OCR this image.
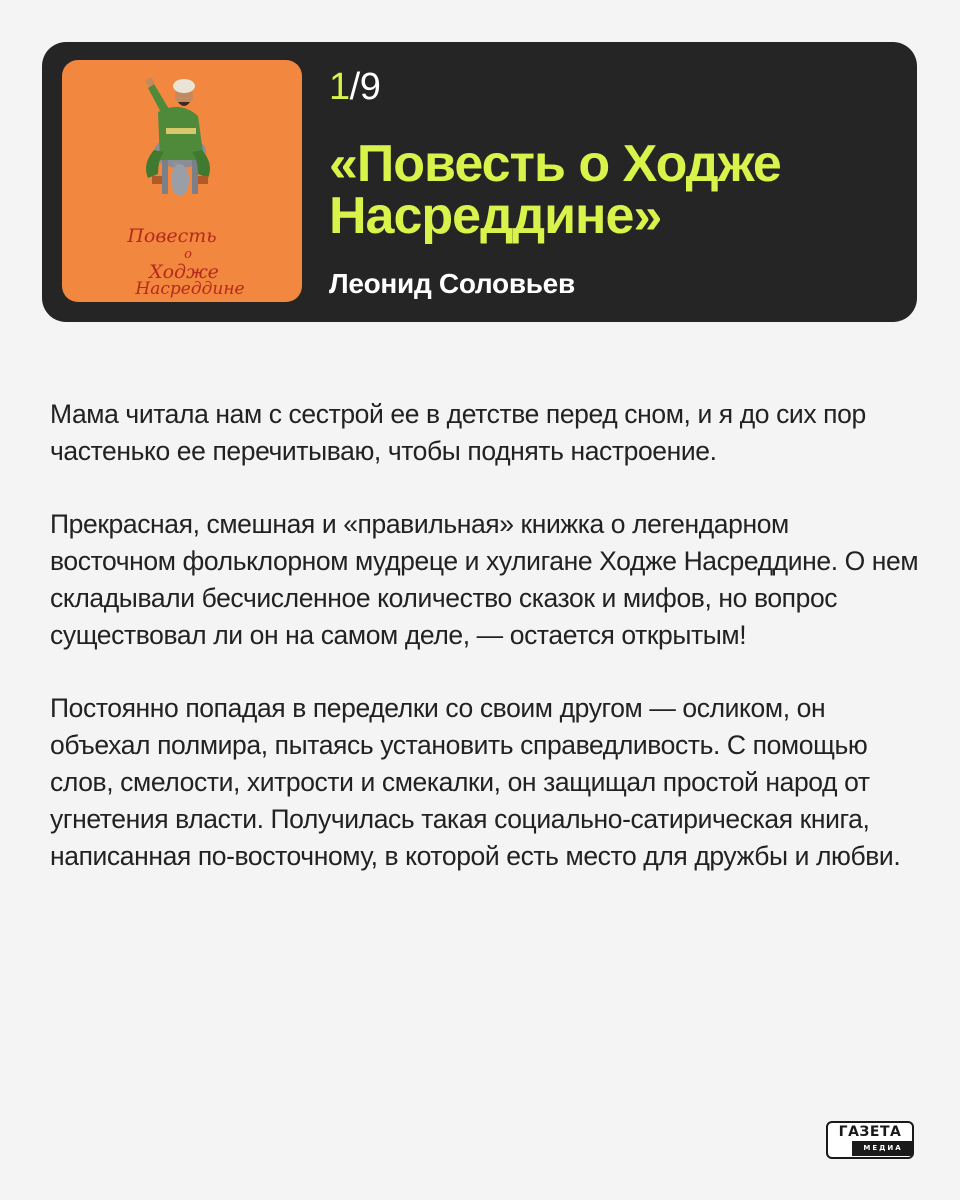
Повесть
о
Ходже
Насреддине
1/9
«Повесть о Ходже Насреддине»
Леонид Соловьев

Мама читала нам с сестрой ее в детстве перед сном, и я до сих пор частенько ее перечитываю, чтобы поднять настроение.

Прекрасная, смешная и «правильная» книжка о легендарном восточном фольклорном мудреце и хулигане Ходже Насреддине. О нем складывали бесчисленное количество сказок и мифов, но вопрос существовал ли он на самом деле, — остается открытым!

Постоянно попадая в переделки со своим другом — осликом, он объехал полмира, пытаясь установить справедливость. С помощью слов, смелости, хитрости и смекалки, он защищал простой народ от угнетения власти. Получилась такая социально-сатирическая книга, написанная по-восточному, в которой есть место для дружбы и любви.

ГАЗЕТА
МЕДИА
